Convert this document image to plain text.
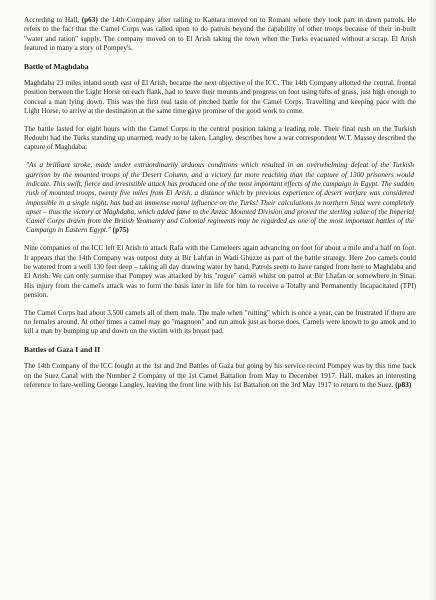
According to Hall, (p63) the 14th Company after railing to Kantara moved on to Romani where they took part in dawn patrols. He refers to the fact that the Camel Corps was called upon to do patrols beyond the capability of other troops because of their in-built "water and ration" supply. The company moved on to El Arish taking the town when the Turks evacuated without a scrap. El Arish featured in many a story of Pompey's.

Battle of Maghdaba

Maghdaba 23 miles inland south east of El Arish, became the next objective of the ICC. The 14th Company allotted the central, frontal position between the Light Horse on each flank, had to leave their mounts and progress on foot using tufts of grass, just high enough to conceal a man lying down. This was the first real taste of pitched battle for the Camel Corps. Travelling and keeping pace with the Light Horse, to arrive at the destination at the same time gave promise of the good work to come.

The battle lasted for eight hours with the Camel Corps in the central position taking a leading role. Their final rush on the Turkish Redoubt had the Turks standing up unarmed, ready to be taken. Langley, describes how a war correspondent W.T. Massey described the capture of Maghdaba:

"As a brilliant stroke, made under extraordinarily arduous conditions which resulted in an overwhelming defeat of the Turkish garrison by the mounted troops of the Desert Column, and a victory far more reaching than the capture of 1300 prisoners would indicate. This swift, fierce and irresistible attack has produced one of the most important effects of the campaign in Egypt. The sudden rush of mounted troops, twenty five miles from El Arish, a distance which by previous experience of desert warfare was considered impossible in a single night, has had an immense moral influence on the Turks! Their calculations in northern Sinai were completely upset – thus the victory at Maghdaba, which added fame to the Anzac Mounted Division and proved the sterling value of the Imperial Camel Corps drawn from the British Yeomanry and Colonial regiments may be regarded as one of the most important battles of the Campaign in Eastern Egypt." (p75)

Nine companies of the ICC left El Arish to attack Rafa with the Cameleers again advancing on foot for about a mile and a half on foot. It appears that the 14th Company was outpost duty at Bir Lahfan in Wadi Ghuzze as part of the battle strategy. Here 2oo camels could be watered from a well 130 feet deep – taking all day drawing water by hand. Patrols seem to have ranged from here to Maghdaba and El Arish. We can only surmise that Pompey was attacked by his "rogue" camel whilst on patrol at Bir Lhafan or somewhere in Sinai. His injury from the camel's attack was to form the basis later in life for him to receive a Totally and Permanently Incapacitated (TPI) pension.

The Camel Corps had about 3,500 camels all of them male. The male when "rutting" which is once a year, can be frustrated if there are no females around. At other times a camel may go "magnoon" and run amok just as horse does. Camels were known to go amok and to kill a man by bumping up and down on the victim with its breast pad.

Battles of Gaza I and II

The 14th Company of the ICC fought at the 1st and 2nd Battles of Gaza but going by his service record Pompey was by this time back on the Suez Canal with the Number 2 Company of the 1st Camel Battalion from May to December 1917. Hall, makes an interesting reference to fare-welling George Langley, leaving the front line with his 1st Battalion on the 3rd May 1917 to return to the Suez. (p83)
